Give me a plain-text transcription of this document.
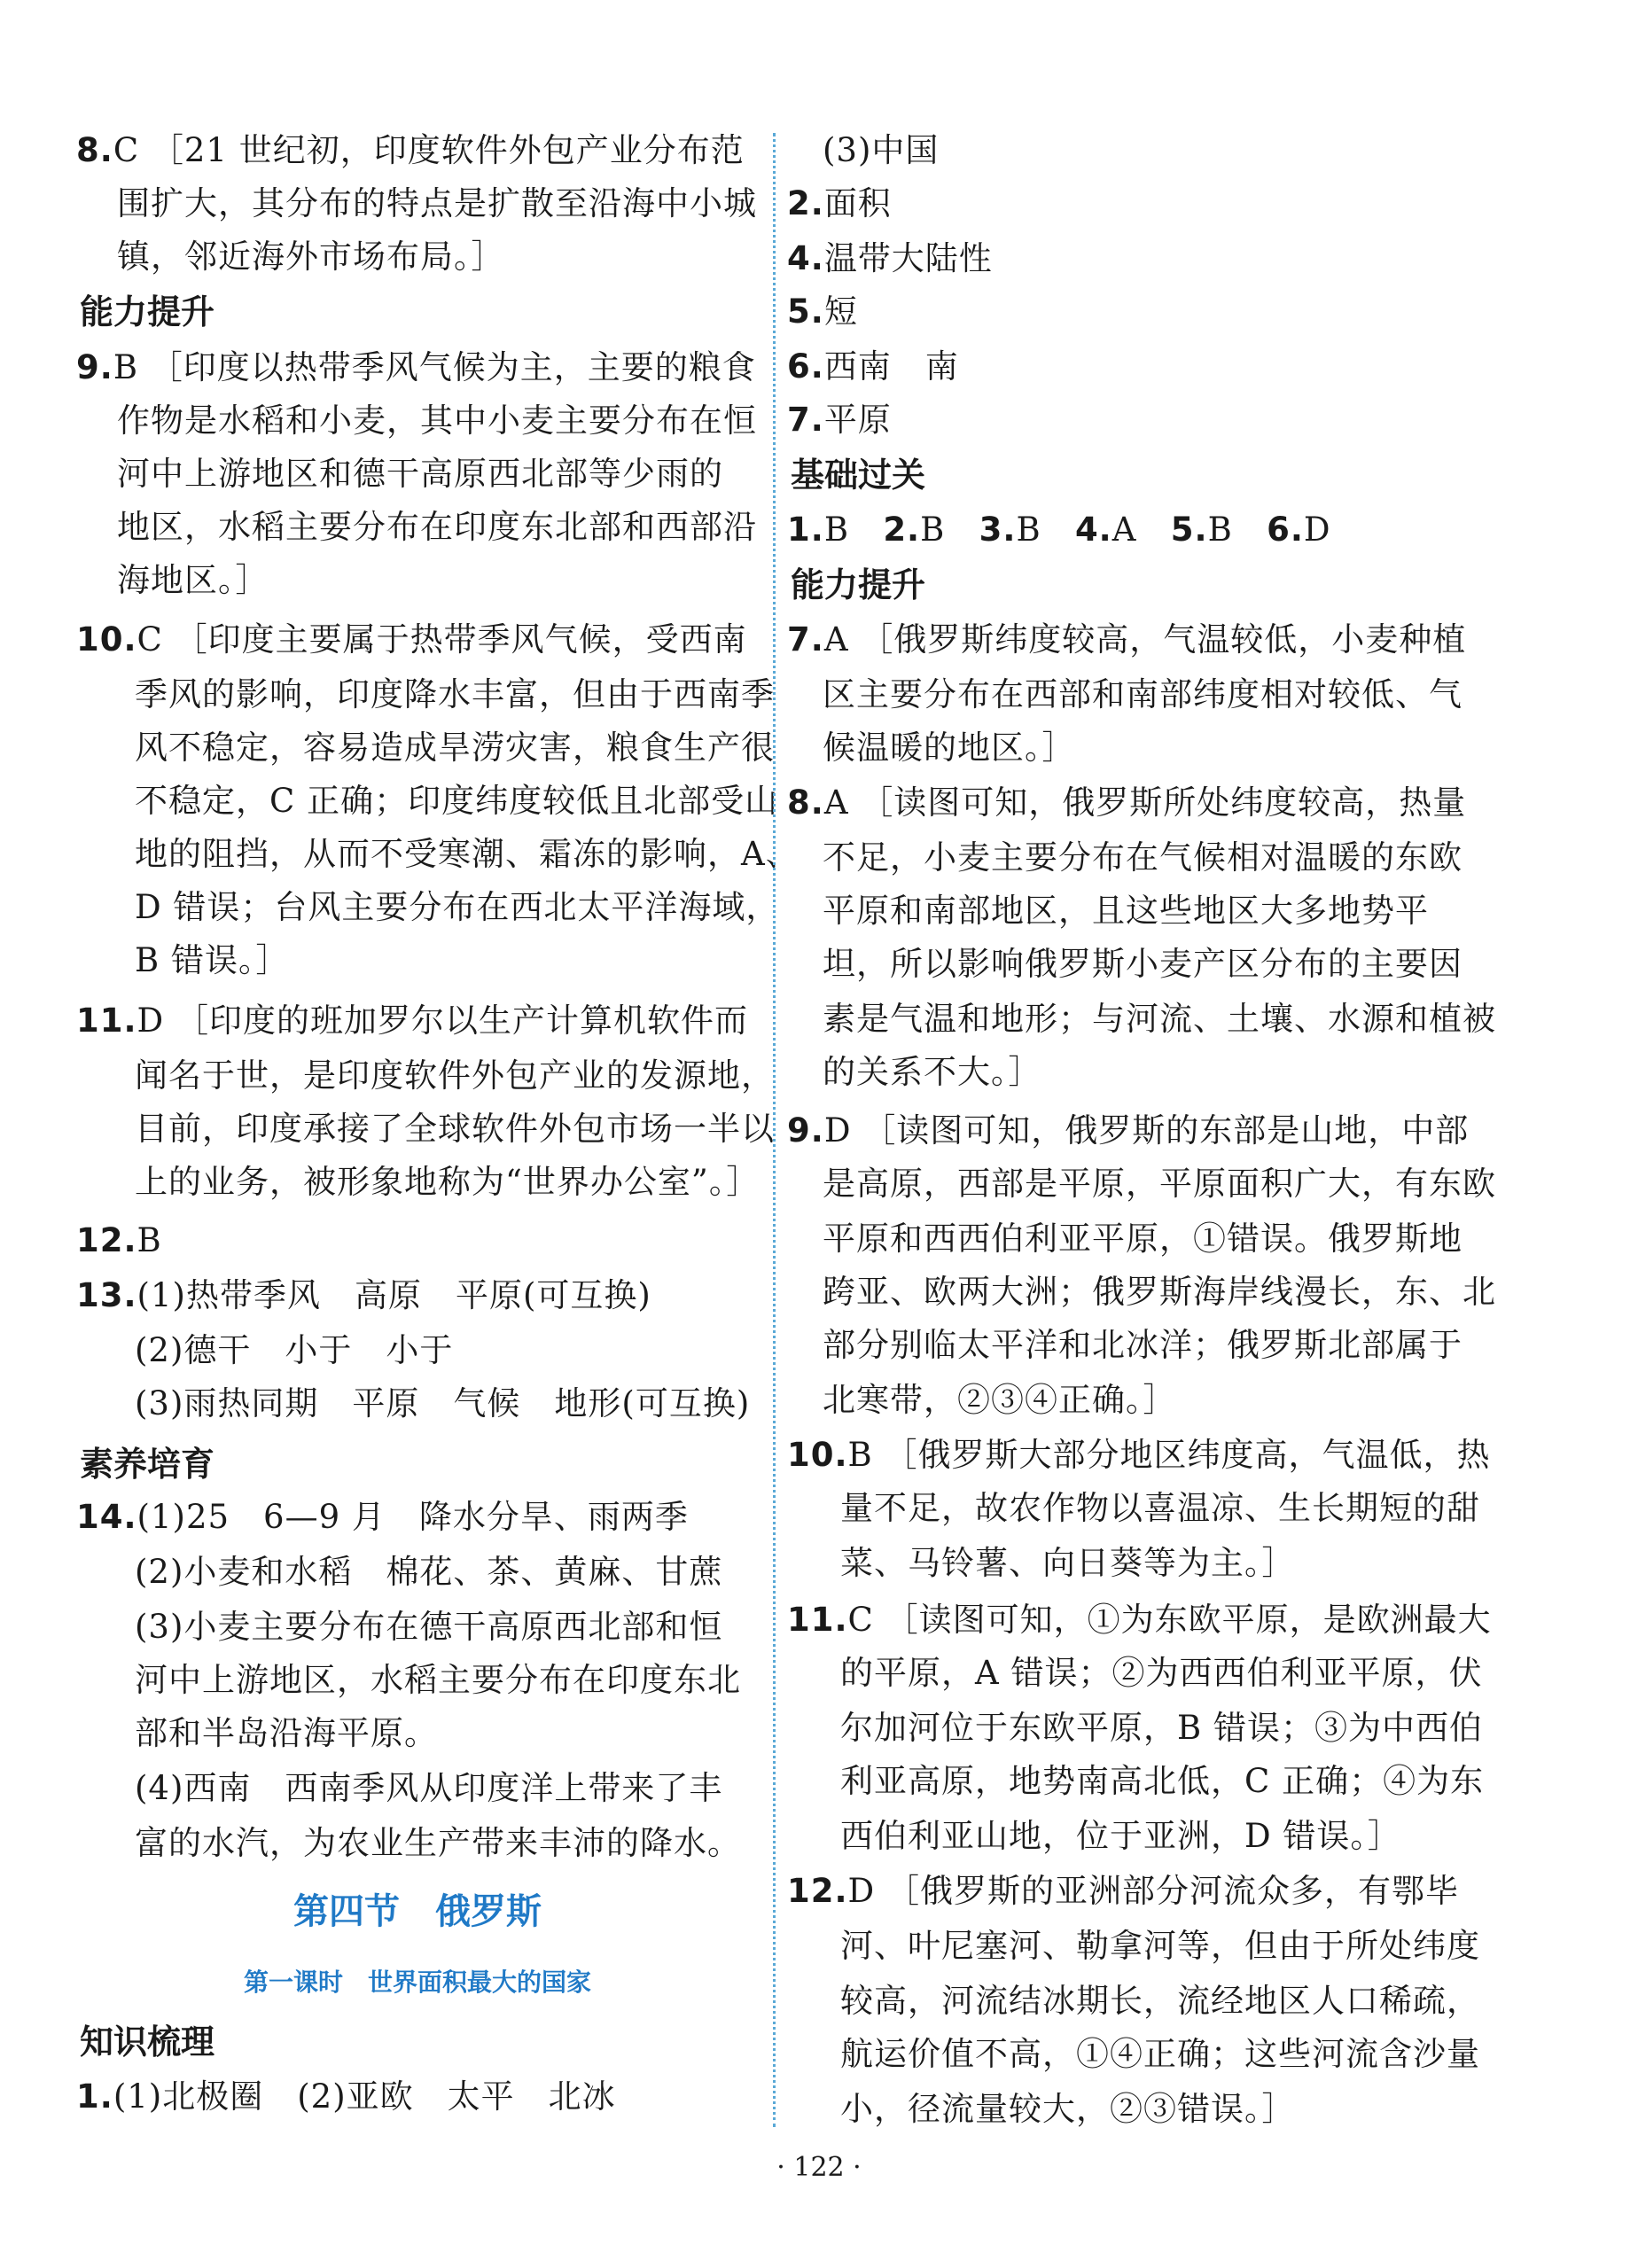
8.C ［21 世纪初，印度软件外包产业分布范
围扩大，其分布的特点是扩散至沿海中小城
镇，邻近海外市场布局。］
能力提升
9.B ［印度以热带季风气候为主，主要的粮食
作物是水稻和小麦，其中小麦主要分布在恒
河中上游地区和德干高原西北部等少雨的
地区，水稻主要分布在印度东北部和西部沿
海地区。］
10.C ［印度主要属于热带季风气候，受西南
季风的影响，印度降水丰富，但由于西南季
风不稳定，容易造成旱涝灾害，粮食生产很
不稳定，C 正确；印度纬度较低且北部受山
地的阻挡，从而不受寒潮、霜冻的影响，A、
D 错误；台风主要分布在西北太平洋海域，
B 错误。］
11.D ［印度的班加罗尔以生产计算机软件而
闻名于世，是印度软件外包产业的发源地，
目前，印度承接了全球软件外包市场一半以
上的业务，被形象地称为“世界办公室”。］
12.B
13.(1)热带季风　高原　平原(可互换)
(2)德干　小于　小于
(3)雨热同期　平原　气候　地形(可互换)
素养培育
14.(1)25　6—9 月　降水分旱、雨两季
(2)小麦和水稻　棉花、茶、黄麻、甘蔗
(3)小麦主要分布在德干高原西北部和恒
河中上游地区，水稻主要分布在印度东北
部和半岛沿海平原。
(4)西南　西南季风从印度洋上带来了丰
富的水汽，为农业生产带来丰沛的降水。
第四节　俄罗斯
第一课时　世界面积最大的国家
知识梳理
1.(1)北极圈　(2)亚欧　太平　北冰
(3)中国
2.面积
4.温带大陆性
5.短
6.西南　南
7.平原
基础过关
1.B 2.B 3.B 4.A 5.B 6.D
能力提升
7.A ［俄罗斯纬度较高，气温较低，小麦种植
区主要分布在西部和南部纬度相对较低、气
候温暖的地区。］
8.A ［读图可知，俄罗斯所处纬度较高，热量
不足，小麦主要分布在气候相对温暖的东欧
平原和南部地区，且这些地区大多地势平
坦，所以影响俄罗斯小麦产区分布的主要因
素是气温和地形；与河流、土壤、水源和植被
的关系不大。］
9.D ［读图可知，俄罗斯的东部是山地，中部
是高原，西部是平原，平原面积广大，有东欧
平原和西西伯利亚平原，①错误。俄罗斯地
跨亚、欧两大洲；俄罗斯海岸线漫长，东、北
部分别临太平洋和北冰洋；俄罗斯北部属于
北寒带，②③④正确。］
10.B ［俄罗斯大部分地区纬度高，气温低，热
量不足，故农作物以喜温凉、生长期短的甜
菜、马铃薯、向日葵等为主。］
11.C ［读图可知，①为东欧平原，是欧洲最大
的平原，A 错误；②为西西伯利亚平原，伏
尔加河位于东欧平原，B 错误；③为中西伯
利亚高原，地势南高北低，C 正确；④为东
西伯利亚山地，位于亚洲，D 错误。］
12.D ［俄罗斯的亚洲部分河流众多，有鄂毕
河、叶尼塞河、勒拿河等，但由于所处纬度
较高，河流结冰期长，流经地区人口稀疏，
航运价值不高，①④正确；这些河流含沙量
小，径流量较大，②③错误。］
· 122 ·
